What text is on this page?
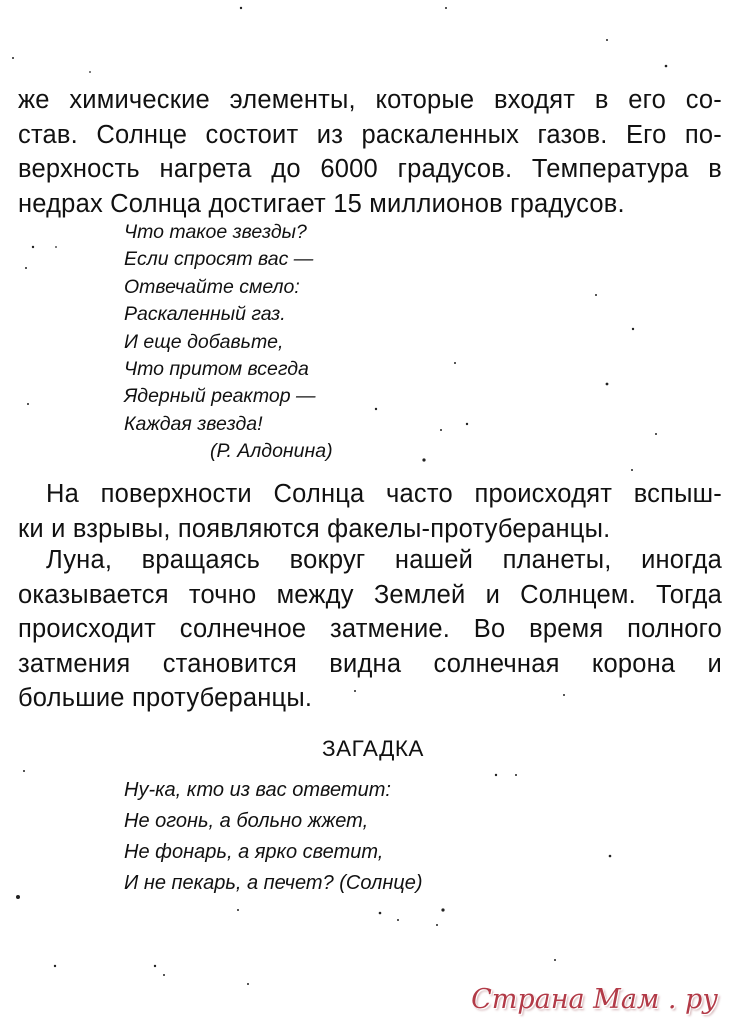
же химические элементы, которые входят в его со-
став. Солнце состоит из раскаленных газов. Его по-
верхность нагрета до 6000 градусов. Температура в
недрах Солнца достигает 15 миллионов градусов.
Что такое звезды?
Если спросят вас —
Отвечайте смело:
Раскаленный газ.
И еще добавьте,
Что притом всегда
Ядерный реактор —
Каждая звезда!
(Р. Алдонина)
На поверхности Солнца часто происходят вспыш-
ки и взрывы, появляются факелы-протуберанцы.
Луна, вращаясь вокруг нашей планеты, иногда
оказывается точно между Землей и Солнцем. Тогда
происходит солнечное затмение. Во время полного
затмения становится видна солнечная корона и
большие протуберанцы.
ЗАГАДКА
Ну-ка, кто из вас ответит:
Не огонь, а больно жжет,
Не фонарь, а ярко светит,
И не пекарь, а печет? (Солнце)
Страна Мам . ру
